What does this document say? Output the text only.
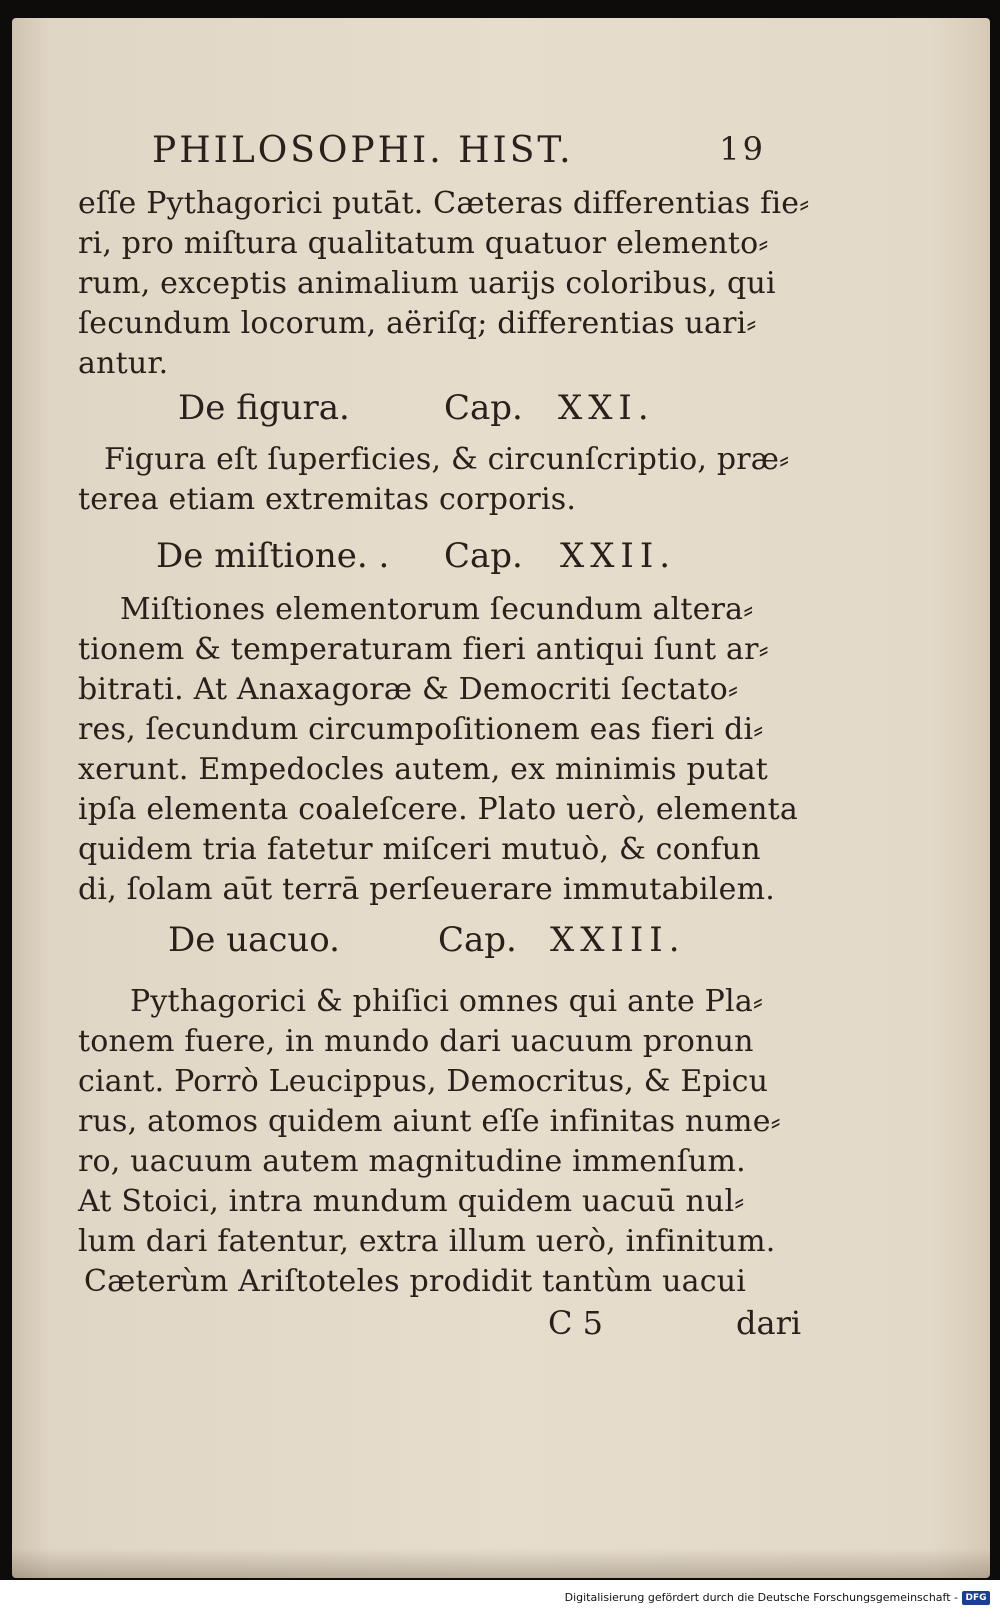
PHILOSOPHI. HIST.	19
eſſe Pythagorici putāt. Cæteras differentias fie⸗
ri, pro miſtura qualitatum quatuor elemento⸗
rum, exceptis animalium uarijs coloribus, qui
ſecundum locorum, aëriſq; differentias uari⸗
antur.
De figura.	Cap. XXI.
Figura eſt ſuperficies, & circunſcriptio, præ⸗
terea etiam extremitas corporis.
De miſtione. . Cap. XXII.
Miſtiones elementorum ſecundum altera⸗
tionem & temperaturam fieri antiqui ſunt ar⸗
bitrati. At Anaxagoræ & Democriti ſectato⸗
res, ſecundum circumpoſitionem eas fieri di⸗
xerunt. Empedocles autem, ex minimis putat
ipſa elementa coaleſcere. Plato uerò, elementa
quidem tria fatetur miſceri mutuò, & confun
di, ſolam aūt terrā perſeuerare immutabilem.
De uacuo.	Cap. XXIII.
Pythagorici & phiſici omnes qui ante Pla⸗
tonem fuere, in mundo dari uacuum pronun
ciant. Porrò Leucippus, Democritus, & Epicu
rus, atomos quidem aiunt eſſe infinitas nume⸗
ro, uacuum autem magnitudine immenſum.
At Stoici, intra mundum quidem uacuū nul⸗
lum dari fatentur, extra illum uerò, infinitum.
Cæterùm Ariſtoteles prodidit tantùm uacui
C 5	dari
Digitalisierung gefördert durch die Deutsche Forschungsgemeinschaft - DFG
